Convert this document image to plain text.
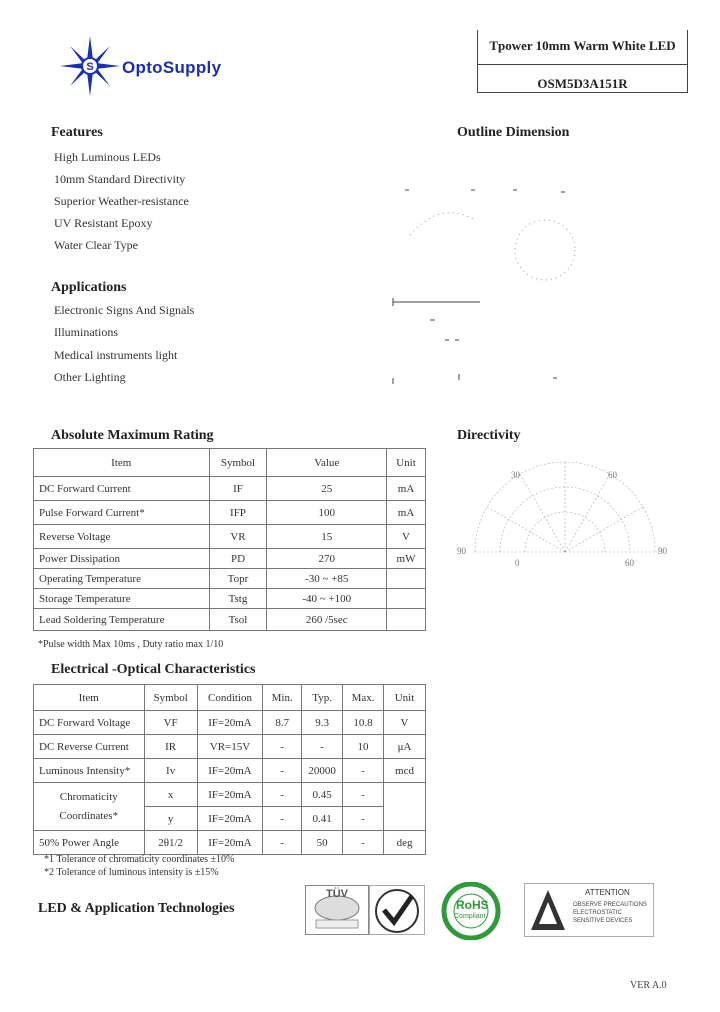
S OptoSupply
Tpower 10mm Warm White LED
OSM5D3A151R
Features
High Luminous LEDs
10mm Standard Directivity
Superior Weather-resistance
UV Resistant Epoxy
Water Clear Type
Applications
Electronic Signs And Signals
Illuminations
Medical instruments light
Other Lighting
Outline Dimension
Directivity
30	60
90
0	60
90
Absolute Maximum Rating
Item	Symbol	Value	Unit
DC Forward Current	IF	25	mA
Pulse Forward Current*	IFP	100	mA
Reverse Voltage	VR	15	V
Power Dissipation	PD	270	mW
Operating Temperature	Topr	-30 ~ +85	
Storage Temperature	Tstg	-40 ~ +100	
Lead Soldering Temperature	Tsol	260 /5sec	
*Pulse width Max 10ms , Duty ratio max 1/10
Electrical -Optical Characteristics
Item	Symbol	Condition	Min.	Typ.	Max.	Unit
DC Forward Voltage	VF	IF=20mA	8.7	9.3	10.8	V
DC Reverse Current	IR	VR=15V	-	-	10	μA
Luminous Intensity*	Iv	IF=20mA	-	20000	-	mcd
Chromaticity
Coordinates*	x	IF=20mA	-	0.45	-	
	y	IF=20mA	-	0.41	-	
50% Power Angle	2θ1/2	IF=20mA	-	50	-	deg
*1 Tolerance of chromaticity coordinates ±10%
*2 Tolerance of luminous intensity is ±15%
LED & Application Technologies
TÜV
RoHS
Compliant
ATTENTION
OBSERVE PRECAUTIONS
ELECTROSTATIC
SENSITIVE DEVICES
VER A.0
